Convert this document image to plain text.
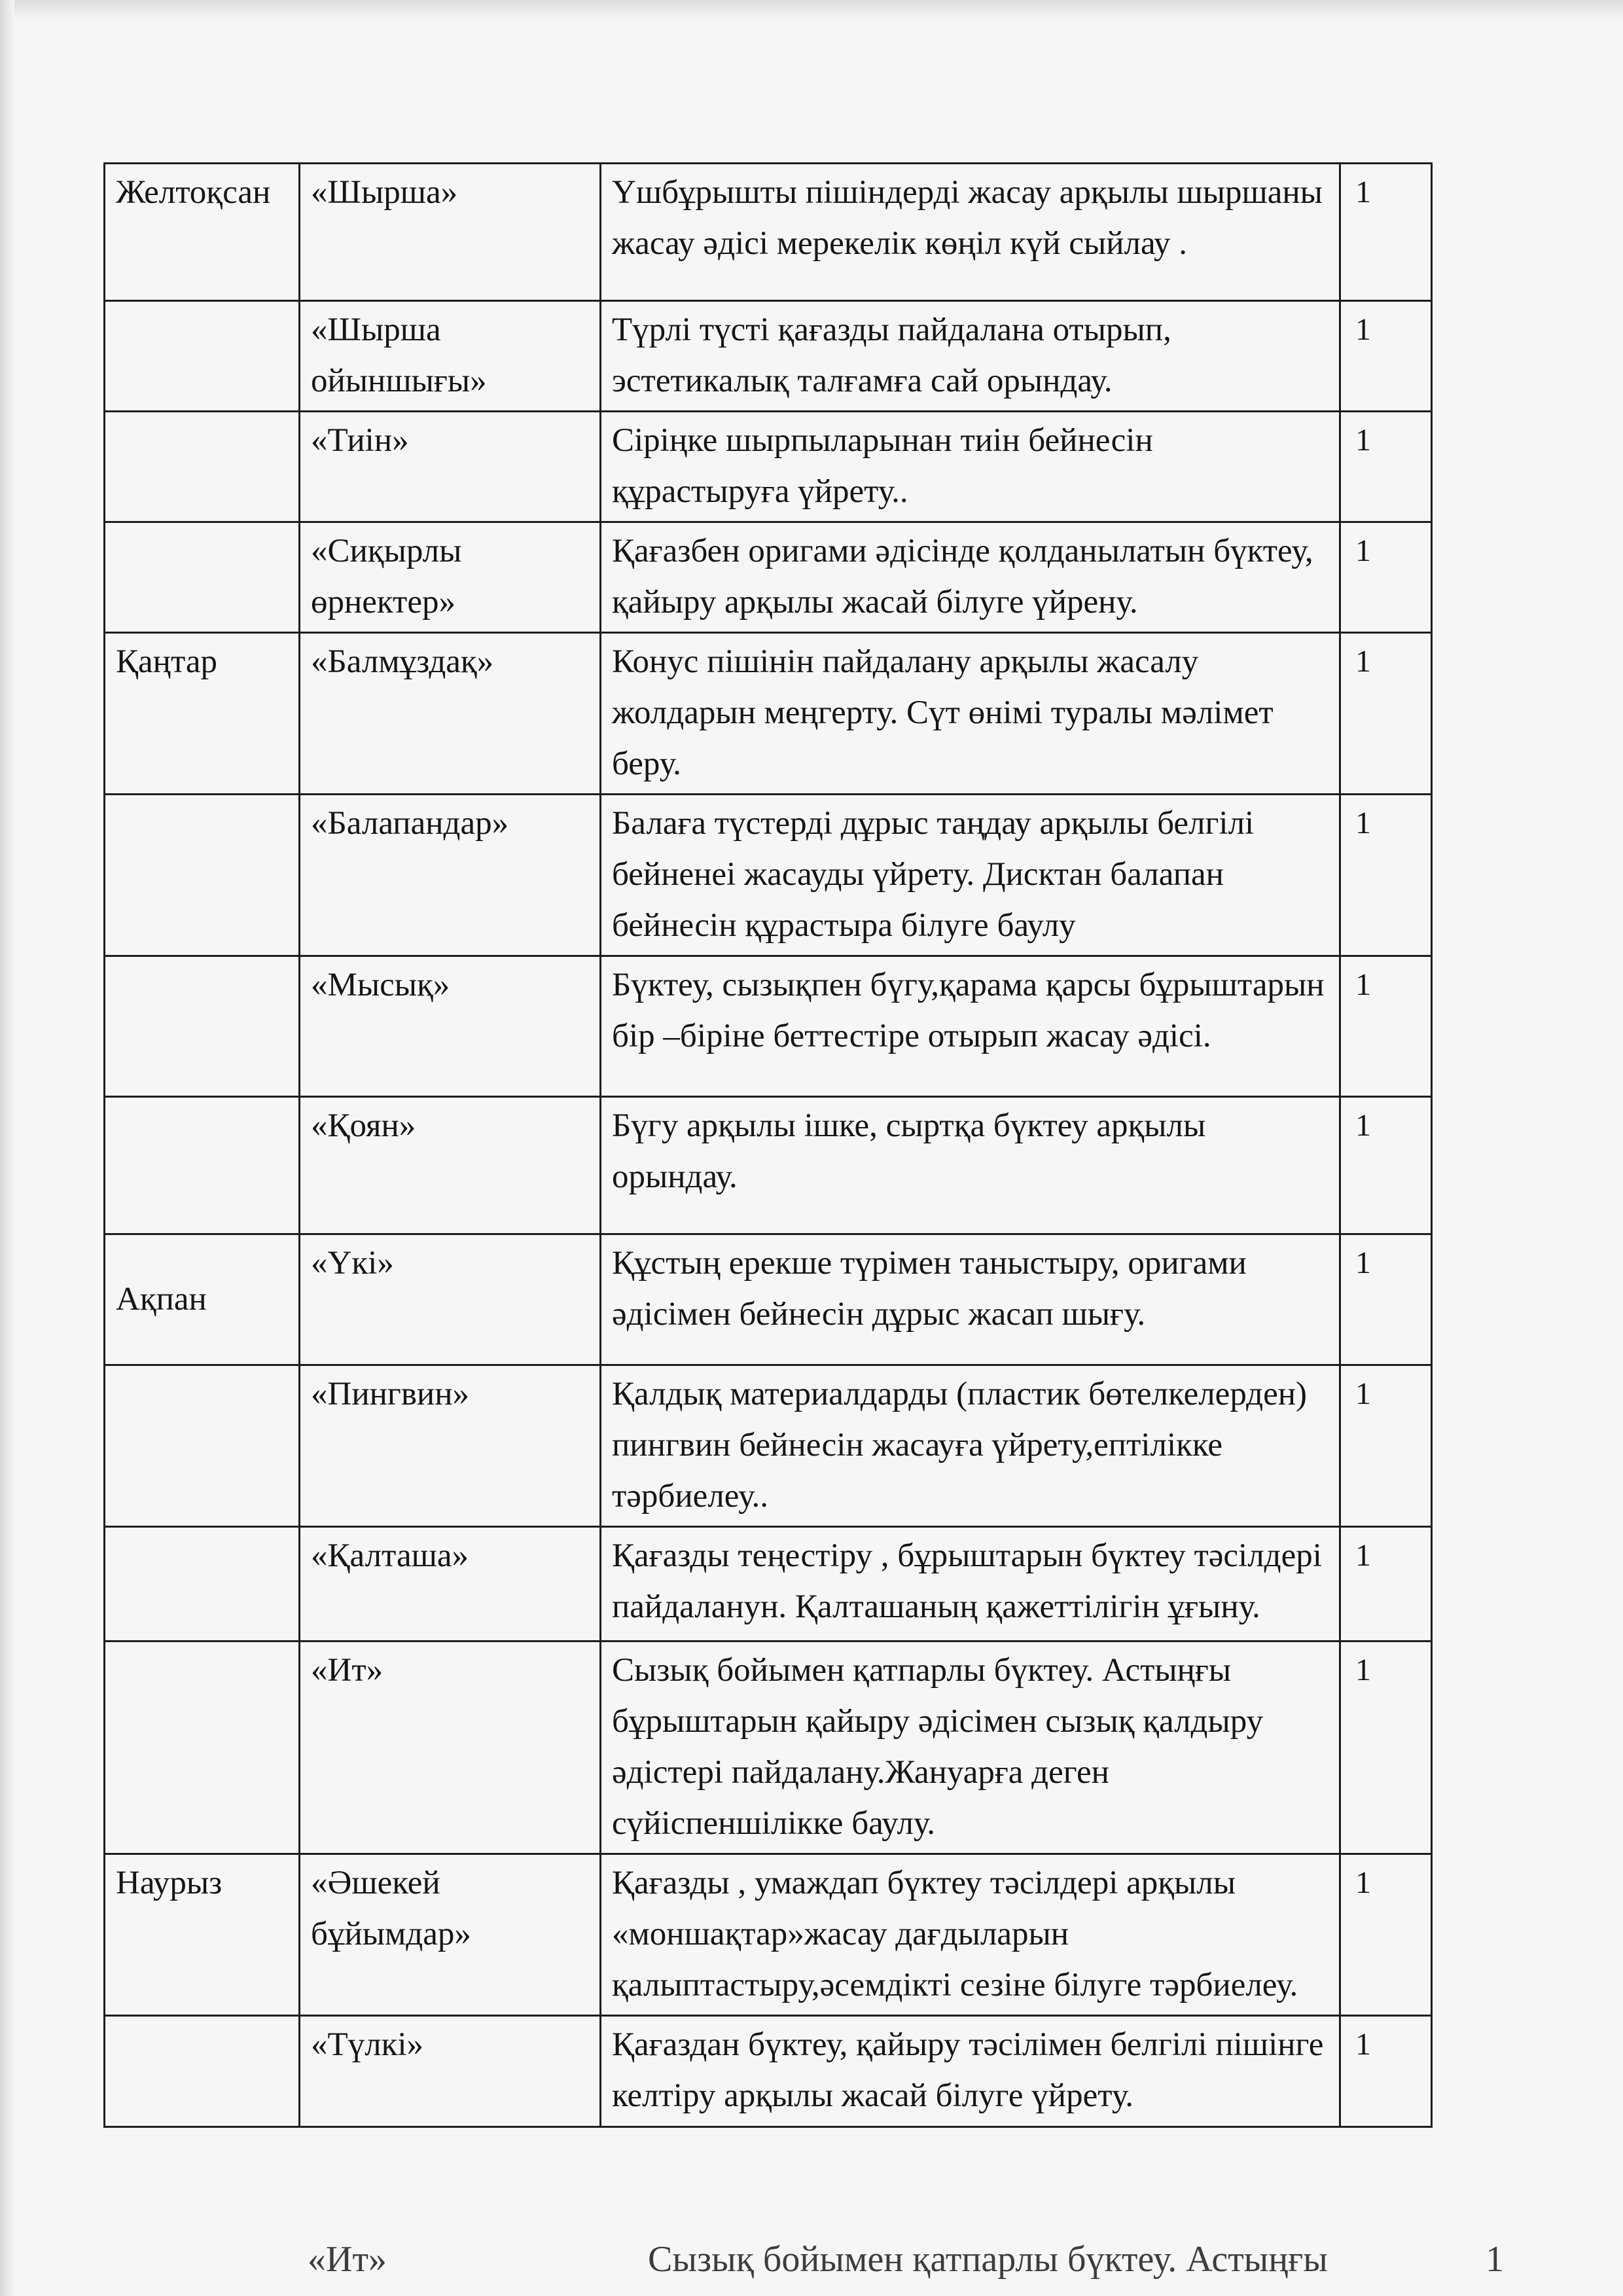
Желтоқсан	«Шырша»	Үшбұрышты пішіндерді жасау арқылы шыршаны жасау әдісі мерекелік көңіл күй сыйлау .	1
	«Шырша ойыншығы»	Түрлі түсті қағазды пайдалана отырып, эстетикалық талғамға сай орындау.	1
	«Тиін»	Сіріңке шырпыларынан тиін бейнесін құрастыруға үйрету..	1
	«Сиқырлы өрнектер»	Қағазбен оригами әдісінде қолданылатын бүктеу, қайыру арқылы жасай білуге үйрену.	1
Қаңтар	«Балмұздақ»	Конус пішінін пайдалану арқылы жасалу жолдарын меңгерту. Сүт өнімі туралы мәлімет беру.	1
	«Балапандар»	Балаға түстерді дұрыс таңдау арқылы белгілі бейненеі жасауды үйрету. Дисктан балапан бейнесін құрастыра білуге баулу	1
	«Мысық»	Бүктеу, сызықпен бүгу,қарама қарсы бұрыштарын бір –біріне беттестіре отырып жасау әдісі.	1
	«Қоян»	Бүгу арқылы ішке, сыртқа бүктеу арқылы орындау.	1
Ақпан	«Үкі»	Құстың ерекше түрімен таныстыру, оригами әдісімен бейнесін дұрыс жасап шығу.	1
	«Пингвин»	Қалдық материалдарды (пластик бөтелкелерден) пингвин бейнесін жасауға үйрету,ептілікке тәрбиелеу..	1
	«Қалташа»	Қағазды теңестіру , бұрыштарын бүктеу тәсілдері пайдаланун. Қалташаның қажеттілігін ұғыну.	1
	«Ит»	Сызық бойымен қатпарлы бүктеу. Астыңғы бұрыштарын қайыру әдісімен сызық қалдыру әдістері пайдалану.Жануарға деген сүйіспеншілікке баулу.	1
Наурыз	«Әшекей бұйымдар»	Қағазды , умаждап бүктеу тәсілдері арқылы «моншақтар»жасау дағдыларын қалыптастыру,әсемдікті сезіне білуге тәрбиелеу.	1
	«Түлкі»	Қағаздан бүктеу, қайыру тәсілімен белгілі пішінге келтіру арқылы жасай білуге үйрету.	1
«Ит»	Сызық бойымен қатпарлы бүктеу. Астыңғы	1
